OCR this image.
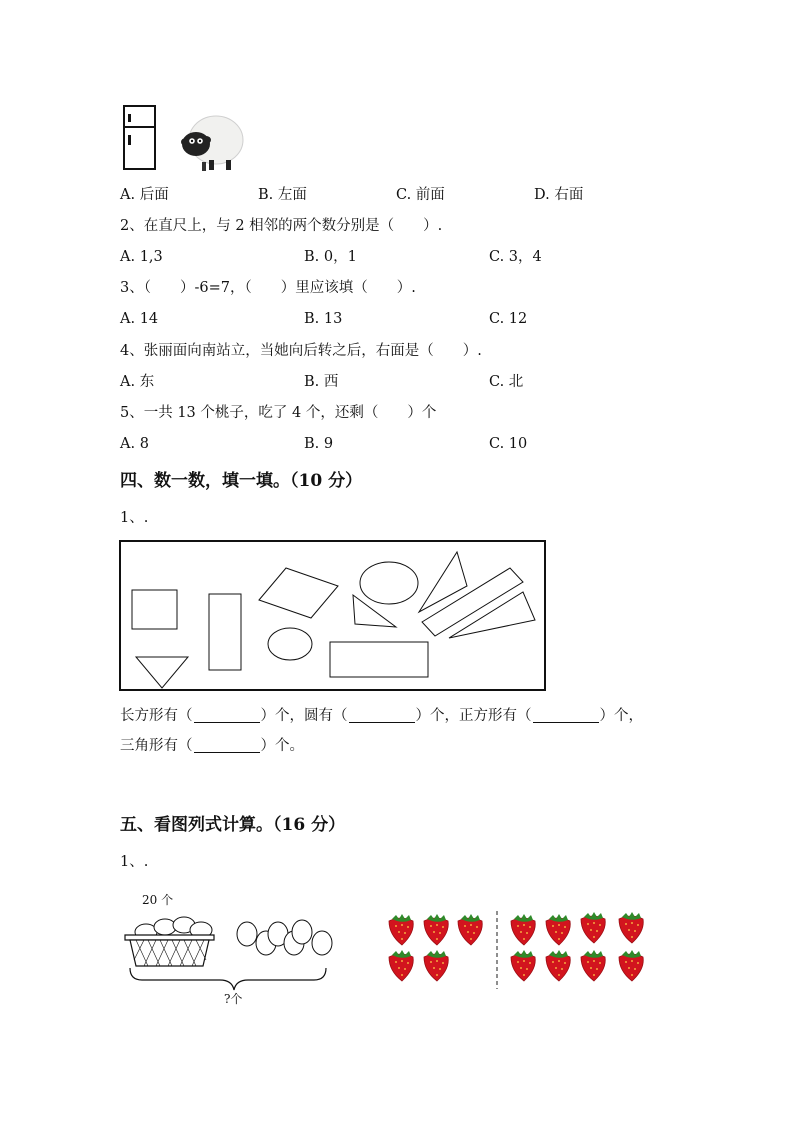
A. 后面	B. 左面	C. 前面	D. 右面
2、在直尺上，与 2 相邻的两个数分别是（　　）.
A. 1,3	B. 0，1	C. 3，4
3、（　　）-6=7，（　　）里应该填（　　）.
A. 14	B. 13	C. 12
4、张丽面向南站立，当她向后转之后，右面是（　　）.
A. 东	B. 西	C. 北
5、一共 13 个桃子，吃了 4 个，还剩（　　）个
A. 8	B. 9	C. 10
四、数一数，填一填。（10 分）
1、.
长方形有（	）个，圆有（	）个，正方形有（	）个，
三角形有（	）个。
五、看图列式计算。（16 分）
1、.
20 个
?个
